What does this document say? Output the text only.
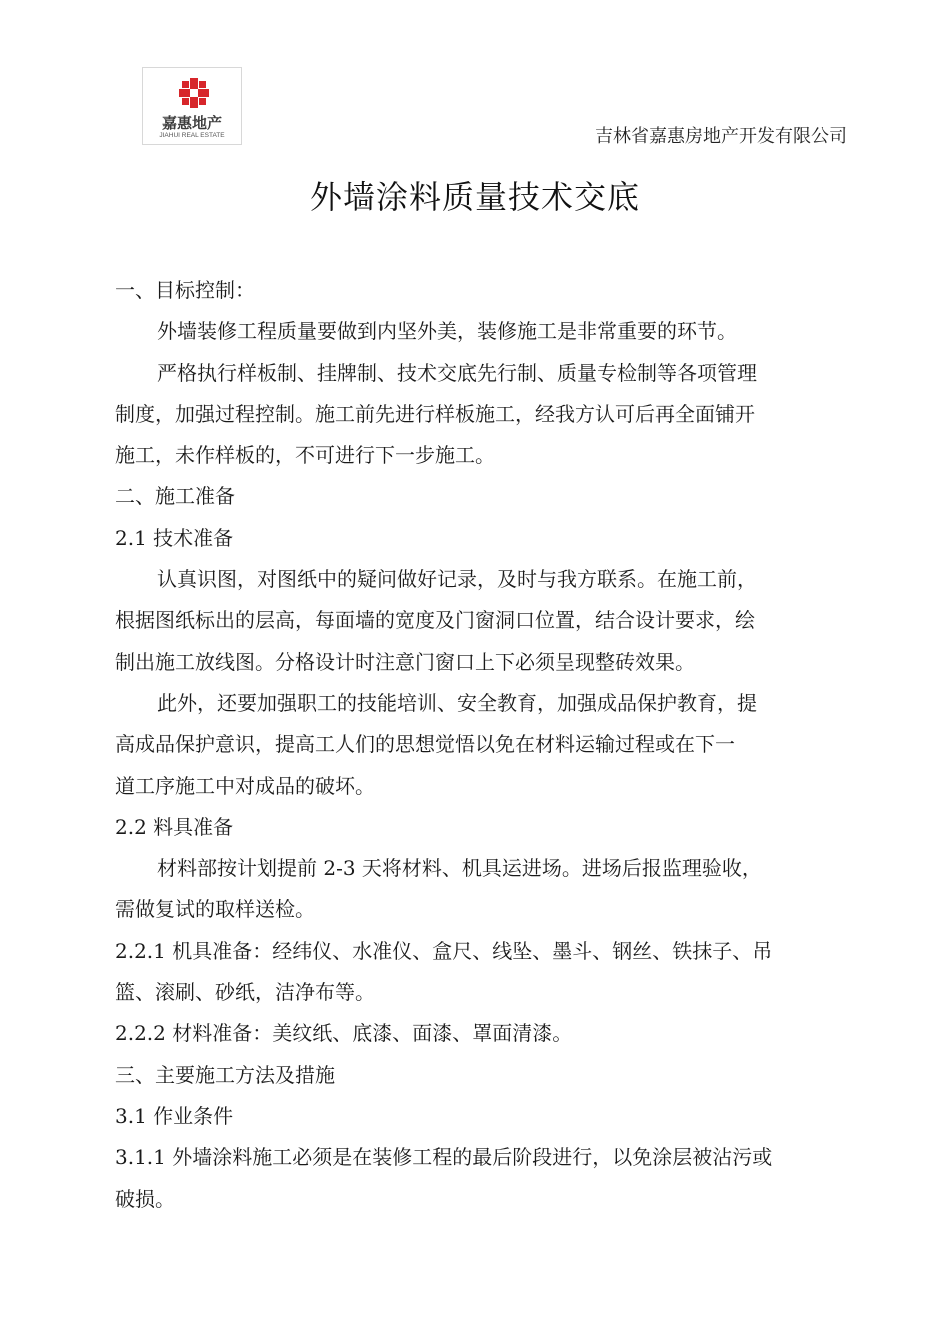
嘉惠地产
JIAHUI REAL ESTATE	吉林省嘉惠房地产开发有限公司
外墙涂料质量技术交底
一、目标控制：
外墙装修工程质量要做到内坚外美，装修施工是非常重要的环节。
严格执行样板制、挂牌制、技术交底先行制、质量专检制等各项管理
制度，加强过程控制。施工前先进行样板施工，经我方认可后再全面铺开
施工，未作样板的，不可进行下一步施工。
二、施工准备
2.1 技术准备
认真识图，对图纸中的疑问做好记录，及时与我方联系。在施工前，
根据图纸标出的层高，每面墙的宽度及门窗洞口位置，结合设计要求，绘
制出施工放线图。分格设计时注意门窗口上下必须呈现整砖效果。
此外，还要加强职工的技能培训、安全教育，加强成品保护教育，提
高成品保护意识，提高工人们的思想觉悟以免在材料运输过程或在下一
道工序施工中对成品的破坏。
2.2 料具准备
材料部按计划提前 2-3 天将材料、机具运进场。进场后报监理验收，
需做复试的取样送检。
2.2.1 机具准备：经纬仪、水准仪、盒尺、线坠、墨斗、钢丝、铁抹子、吊
篮、滚刷、砂纸，洁净布等。
2.2.2 材料准备：美纹纸、底漆、面漆、罩面清漆。
三、主要施工方法及措施
3.1 作业条件
3.1.1 外墙涂料施工必须是在装修工程的最后阶段进行，以免涂层被沾污或
破损。
